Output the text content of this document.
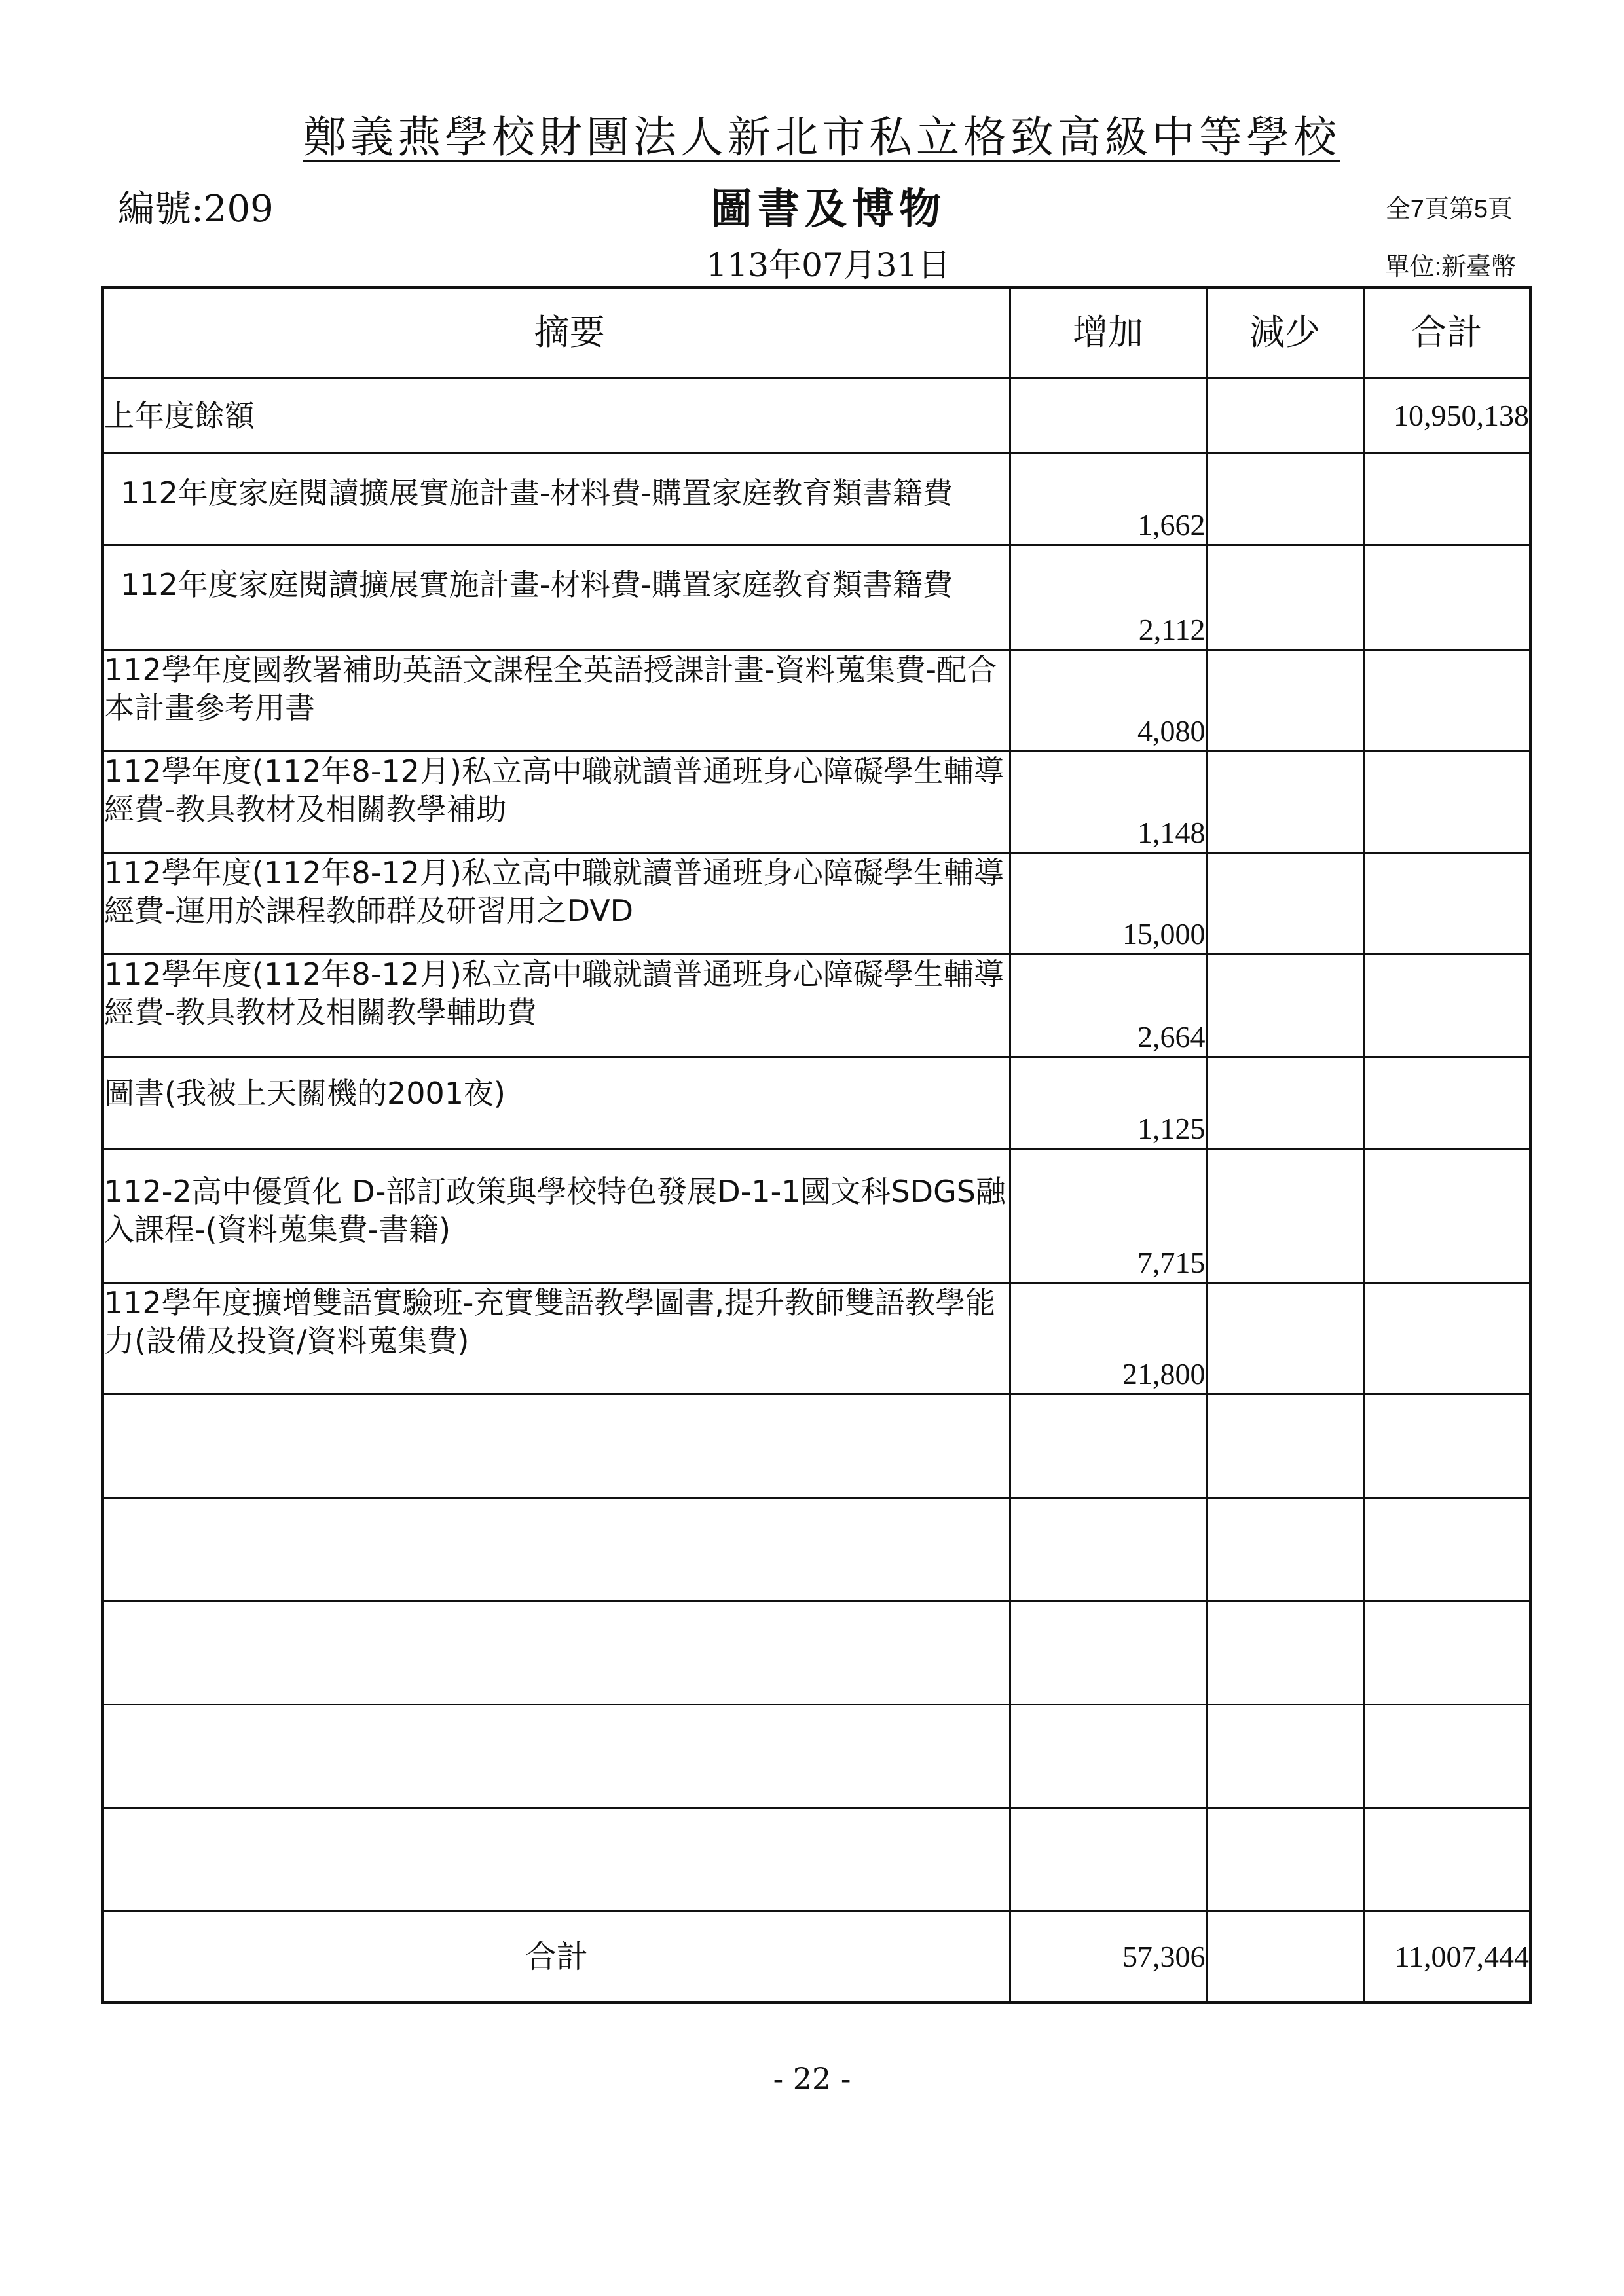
鄭義燕學校財團法人新北市私立格致高級中等學校
編號:209	圖書及博物	全7頁第5頁
113年07月31日	單位:新臺幣
摘要	增加	減少	合計
上年度餘額			10,950,138
112年度家庭閱讀擴展實施計畫-材料費-購置家庭教育類書籍費	1,662		
112年度家庭閱讀擴展實施計畫-材料費-購置家庭教育類書籍費	2,112		
112學年度國教署補助英語文課程全英語授課計畫-資料蒐集費-配合本計畫參考用書	4,080		
112學年度(112年8-12月)私立高中職就讀普通班身心障礙學生輔導經費-教具教材及相關教學補助	1,148		
112學年度(112年8-12月)私立高中職就讀普通班身心障礙學生輔導經費-運用於課程教師群及研習用之DVD	15,000		
112學年度(112年8-12月)私立高中職就讀普通班身心障礙學生輔導經費-教具教材及相關教學輔助費	2,664		
圖書(我被上天關機的2001夜)	1,125		
112-2高中優質化 D-部訂政策與學校特色發展D-1-1國文科SDGS融入課程-(資料蒐集費-書籍)	7,715		
112學年度擴增雙語實驗班-充實雙語教學圖書,提升教師雙語教學能力(設備及投資/資料蒐集費)	21,800		

合計	57,306		11,007,444
- 22 -
